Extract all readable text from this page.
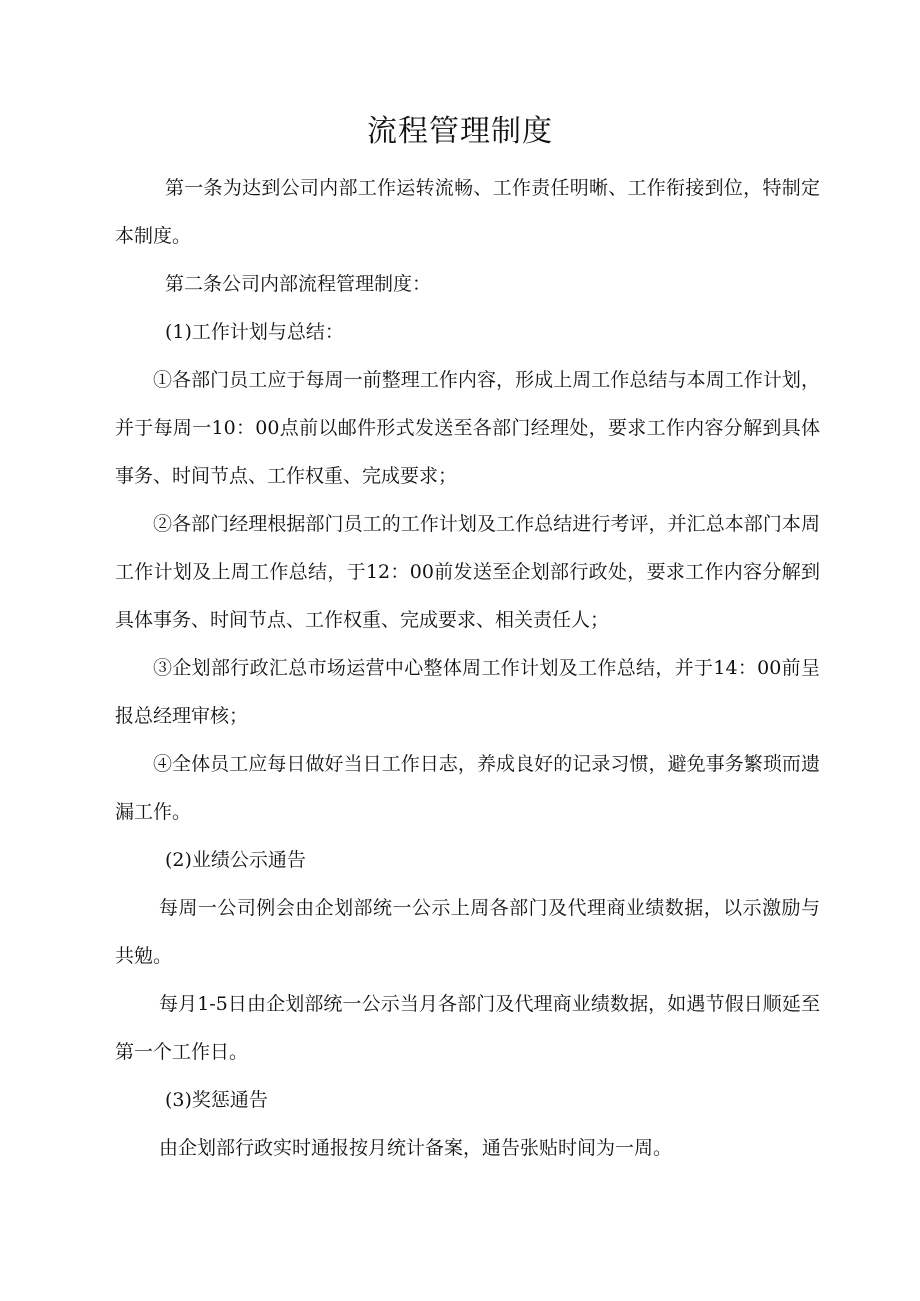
流程管理制度

第一条为达到公司内部工作运转流畅、工作责任明晰、工作衔接到位，特制定本制度。

第二条公司内部流程管理制度：

(1)工作计划与总结：

①各部门员工应于每周一前整理工作内容，形成上周工作总结与本周工作计划，并于每周一10：00点前以邮件形式发送至各部门经理处，要求工作内容分解到具体事务、时间节点、工作权重、完成要求；

②各部门经理根据部门员工的工作计划及工作总结进行考评，并汇总本部门本周工作计划及上周工作总结，于12：00前发送至企划部行政处，要求工作内容分解到具体事务、时间节点、工作权重、完成要求、相关责任人；

③企划部行政汇总市场运营中心整体周工作计划及工作总结，并于14：00前呈报总经理审核；

④全体员工应每日做好当日工作日志，养成良好的记录习惯，避免事务繁琐而遗漏工作。

(2)业绩公示通告

每周一公司例会由企划部统一公示上周各部门及代理商业绩数据，以示激励与共勉。

每月1-5日由企划部统一公示当月各部门及代理商业绩数据，如遇节假日顺延至第一个工作日。

(3)奖惩通告

由企划部行政实时通报按月统计备案，通告张贴时间为一周。
